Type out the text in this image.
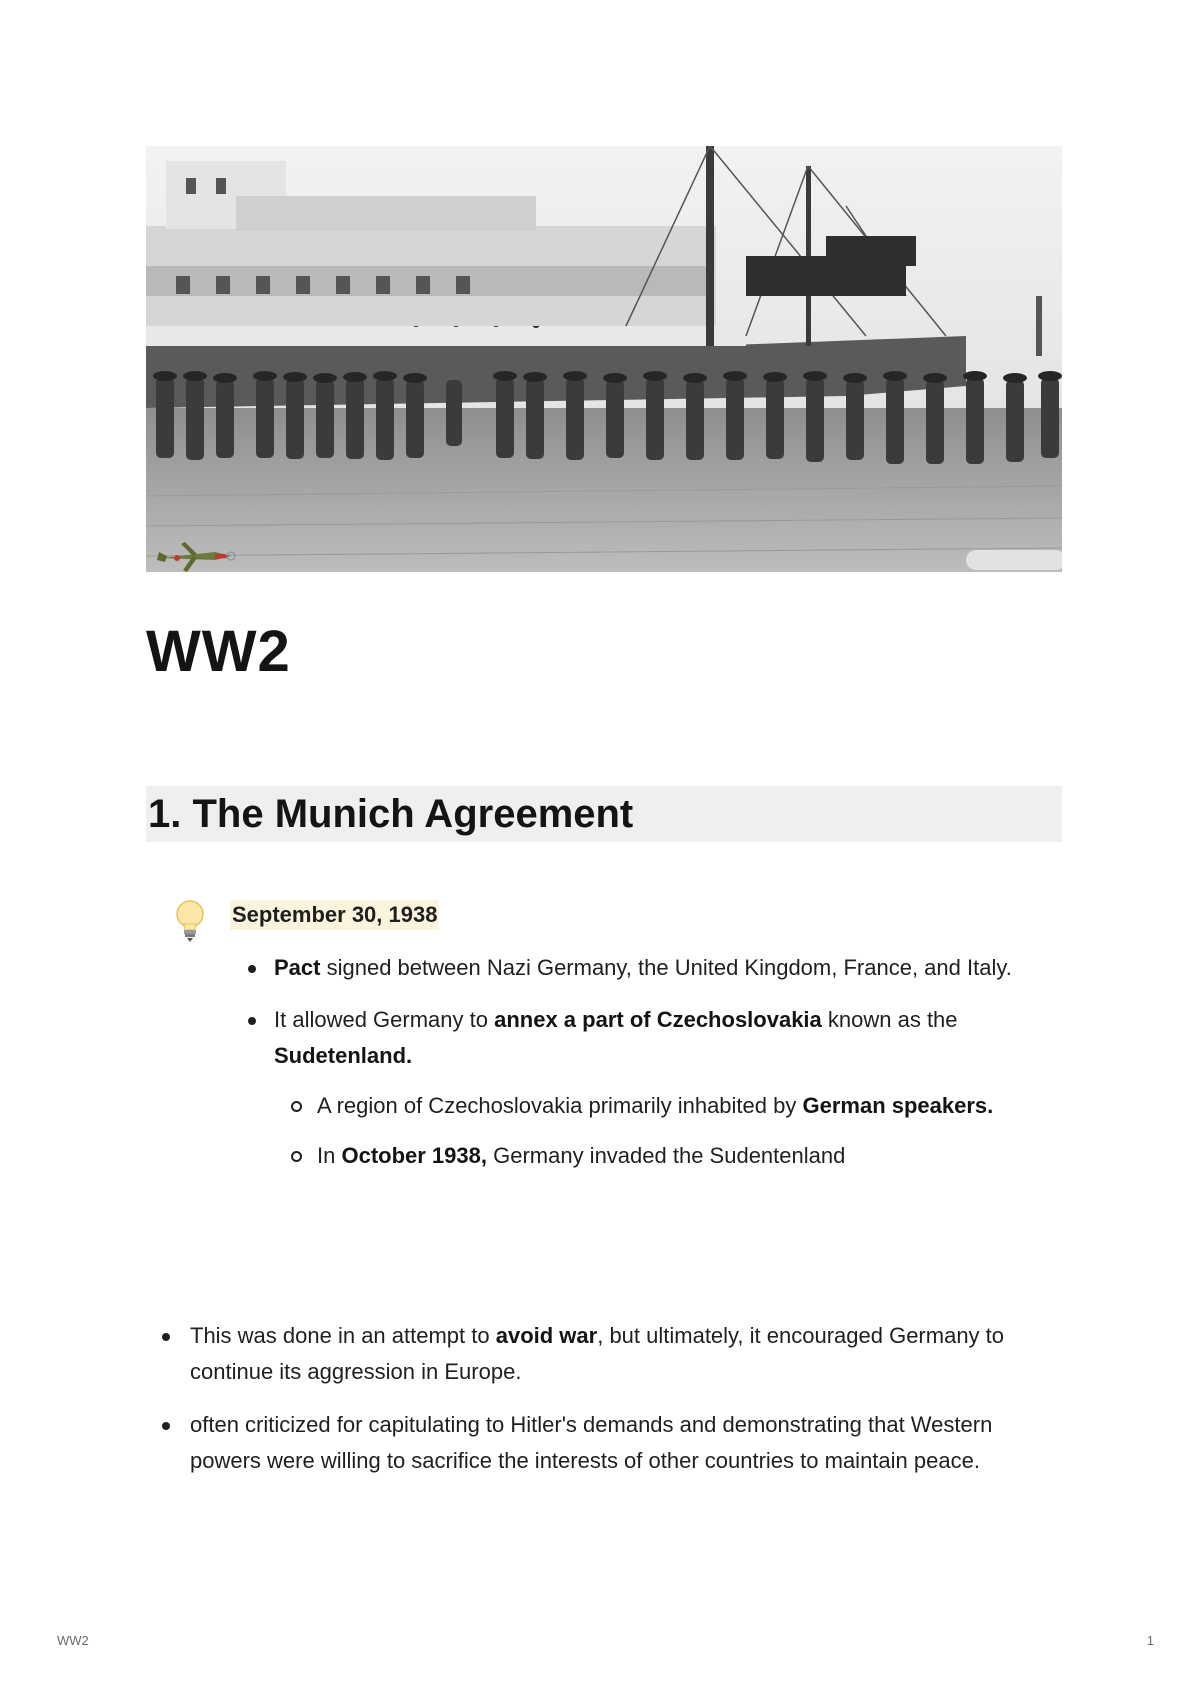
WW2
1. The Munich Agreement
September 30, 1938
Pact signed between Nazi Germany, the United Kingdom, France, and Italy.
It allowed Germany to annex a part of Czechoslovakia known as the Sudetenland.
A region of Czechoslovakia primarily inhabited by German speakers.
In October 1938, Germany invaded the Sudentenland
This was done in an attempt to avoid war, but ultimately, it encouraged Germany to continue its aggression in Europe.
often criticized for capitulating to Hitler's demands and demonstrating that Western powers were willing to sacrifice the interests of other countries to maintain peace.
WW2	1
